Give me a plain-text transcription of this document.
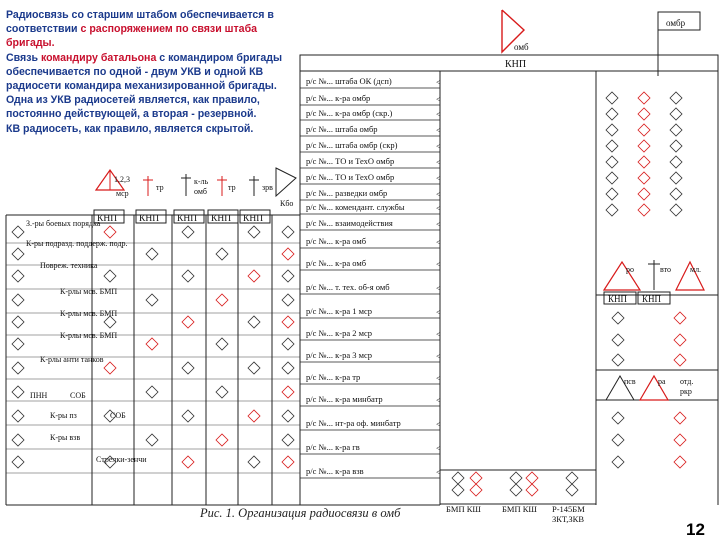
Радиосвязь со старшим штабом обеспечивается в соответствии с распоряжением по связи штаба бригады.
Связь командиру батальона с командиром бригады обеспечивается по одной - двум УКВ и одной КВ радиосети командира механизированной бригады. Одна из УКВ радиосетей является, как правило, постоянно действующей, а вторая - резервной.
КВ радиосеть, как правило, является скрытой.
омбр
омб
КНП
р/с №... штаба ОК (дсп)	<
р/с №... к-ра омбр	<
р/с №... к-ра омбр (скр.)	<
р/с №... штаба омбр	<
р/с №... штаба омбр (скр)	<
р/с №... ТО и ТехО омбр	<
р/с №... ТО и ТехО омбр	<
р/с №... разведки омбр	<
р/с №... комендант. службы	<
р/с №... взаимодействия	<
р/с №... к-ра омб	<
р/с №... к-ра омб	<
р/с №... т. тех. об-я омб	<
р/с №... к-ра 1 мср	<
р/с №... к-ра 2 мср	<
р/с №... к-ра 3 мср	<
р/с №... к-ра тр	<
р/с №... к-ра минбатр	<
р/с №... нт-ра оф. минбатр	<
р/с №... к-ра гв	<
р/с №... к-ра взв	<
1,2,3
мср
тр
к-ль
омб	тр	зрв
Кбо
КНП КНП КНП КНП КНП
З.-ры боевых порядка
К-ры подразд. поддерж. подр.
Повреж. техника
К-рлы мсв. БМП
К-рлы мсв. БМП
К-рлы мсв. БМП
К-рлы анти танков
ПНН	СОБ
К-ры пз	СОБ
К-ры взв
Стрелки-зенчи
ро	вто мл.
КНП КНП
псв	ра отд.
ркр
БМП КШ БМП КШ Р-145БМ
ЗКТ,ЗКВ
Рис. 1. Организация радиосвязи в омб
12
